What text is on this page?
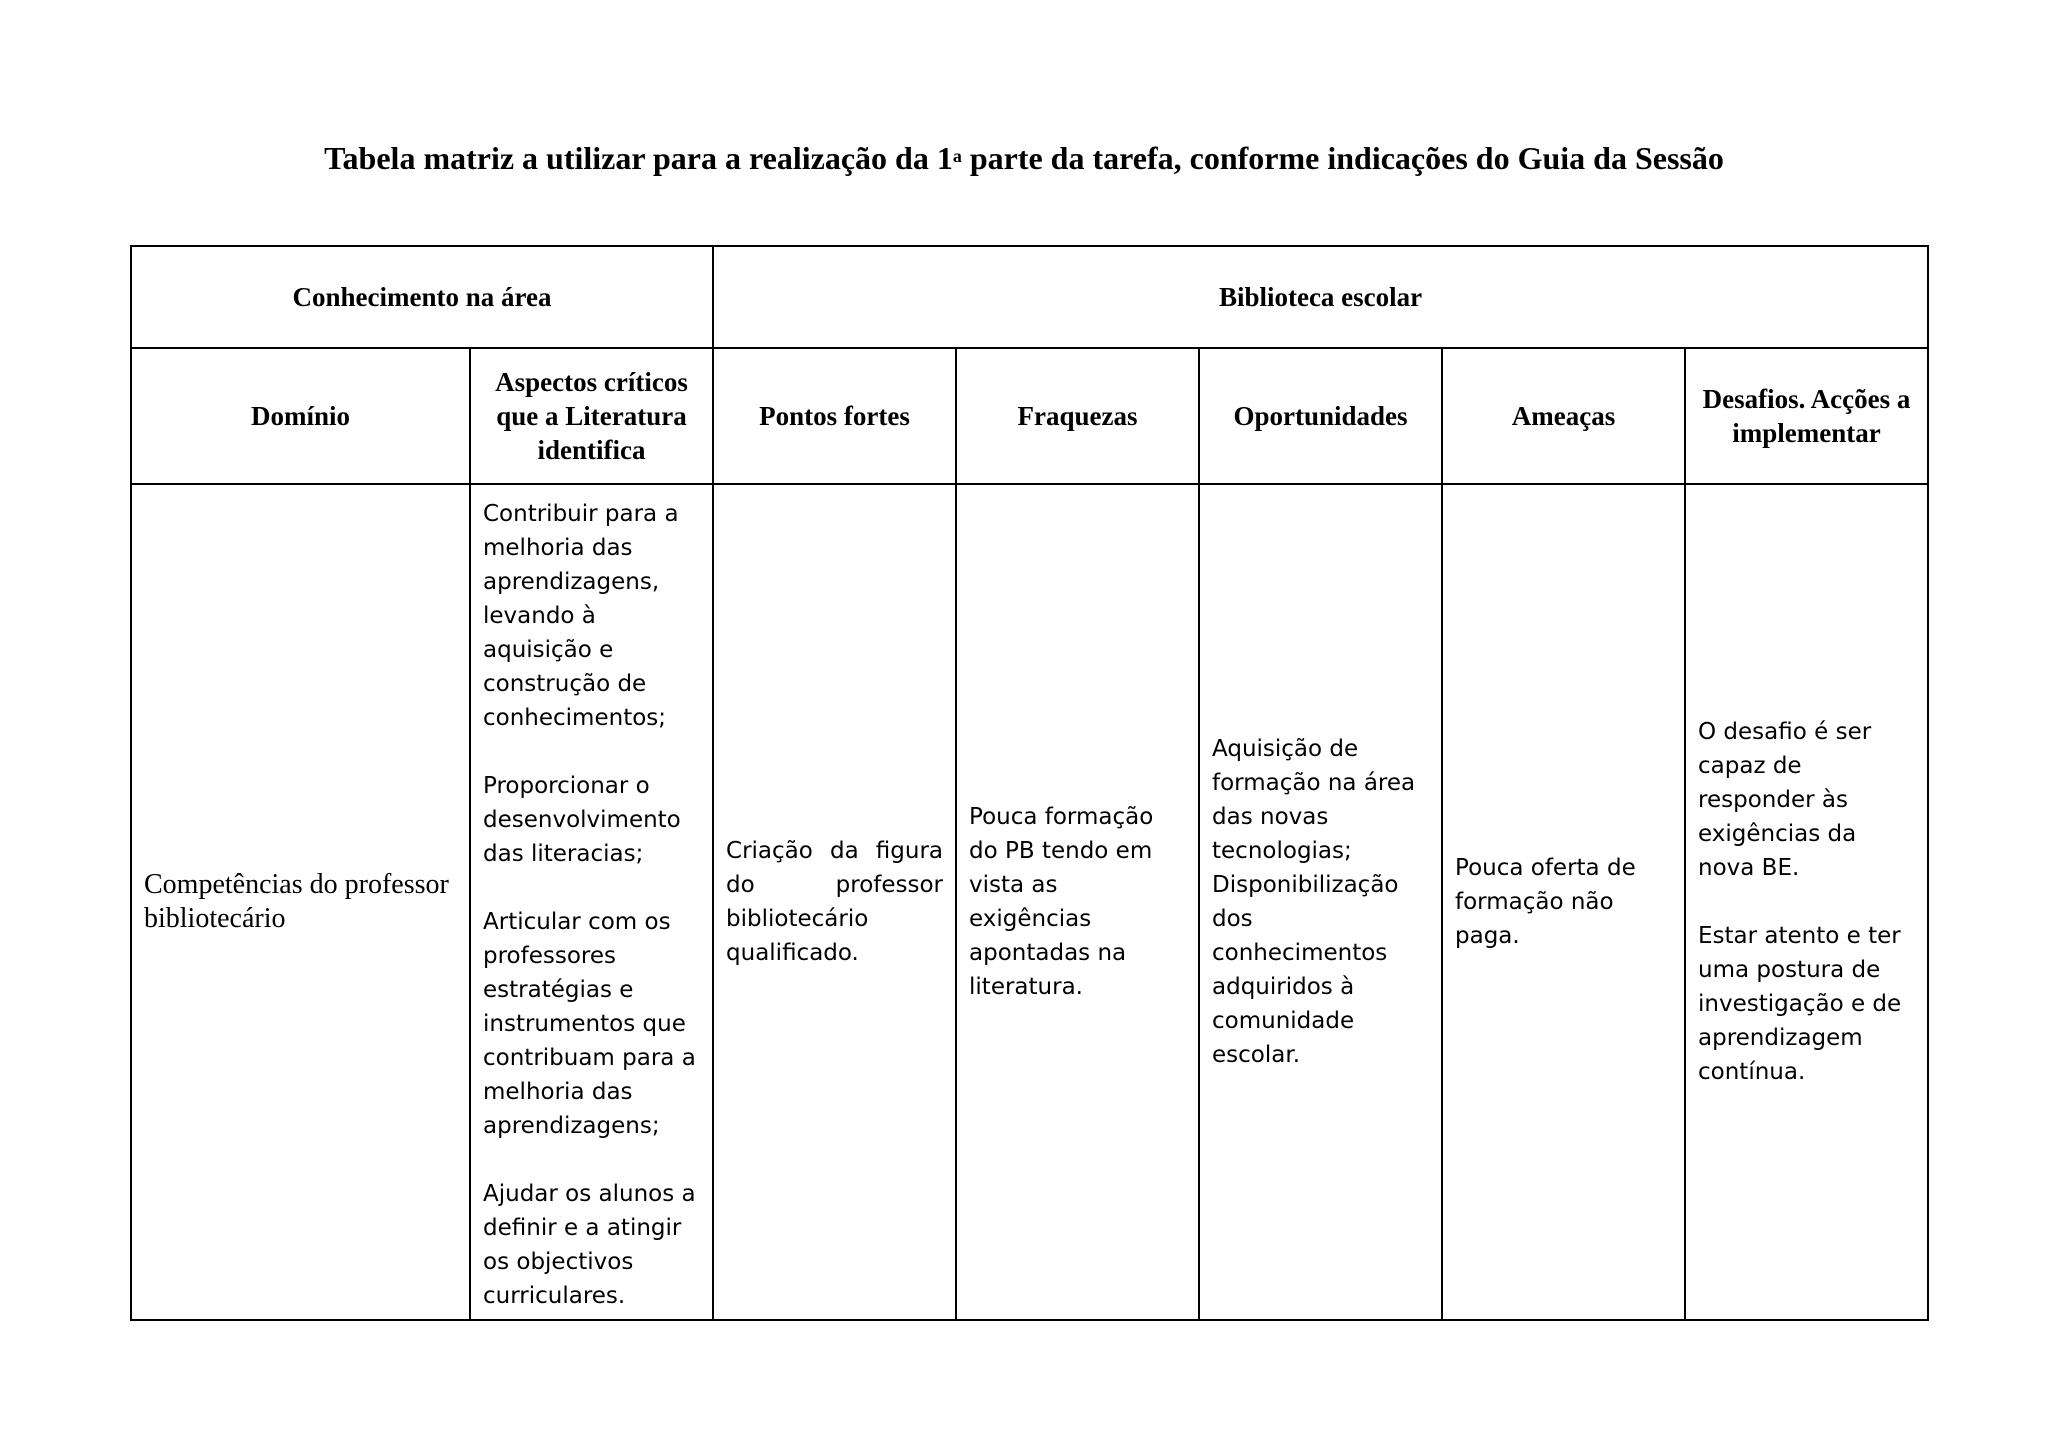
Tabela matriz a utilizar para a realização da 1$^a$ parte da tarefa, conforme indicações do Guia da Sessão
Conhecimento na área		Biblioteca escolar				
Domínio	Aspectos críticos que a Literatura identifica	Pontos fortes	Fraquezas	Oportunidades	Ameaças	Desafios. Acções a implementar
Competências do professor bibliotecário	Contribuir para a melhoria das aprendizagens, levando à aquisição e construção de conhecimentos;
Proporcionar o desenvolvimento das literacias;
Articular com os professores estratégias e instrumentos que contribuam para a melhoria das aprendizagens;
Ajudar os alunos a definir e a atingir os objectivos curriculares.	Criação da figura do professor bibliotecário qualificado.	Pouca formação do PB tendo em vista as exigências apontadas na literatura.	Aquisição de formação na área das novas tecnologias; Disponibilização dos conhecimentos adquiridos à comunidade escolar.	Pouca oferta de formação não paga.	O desafio é ser capaz de responder às exigências da nova BE.
Estar atento e ter uma postura de investigação e de aprendizagem contínua.
